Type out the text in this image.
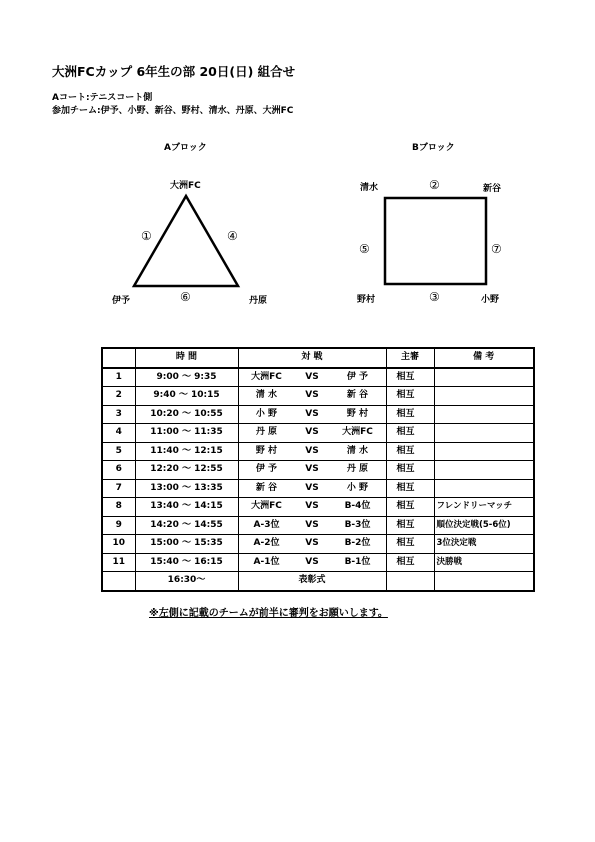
大洲FCカップ 6年生の部 20日(日) 組合せ
Aコート:テニスコート側
参加チーム:伊予、小野、新谷、野村、清水、丹原、大洲FC
Aブロック	Bブロック
大洲FC
伊予	丹原
①	④
⑥
清水	新谷
野村	小野
②
⑤	⑦
③
	時 間	対 戦	主審	備 考
1	9:00 ～ 9:35	大洲FC VS 伊 予	相互	
2	9:40 ～ 10:15	清 水 VS 新 谷	相互	
3	10:20 ～ 10:55	小 野 VS 野 村	相互	
4	11:00 ～ 11:35	丹 原 VS 大洲FC	相互	
5	11:40 ～ 12:15	野 村 VS 清 水	相互	
6	12:20 ～ 12:55	伊 予 VS 丹 原	相互	
7	13:00 ～ 13:35	新 谷 VS 小 野	相互	
8	13:40 ～ 14:15	大洲FC VS B-4位	相互	フレンドリーマッチ
9	14:20 ～ 14:55	A-3位 VS B-3位	相互	順位決定戦(5-6位)
10	15:00 ～ 15:35	A-2位 VS B-2位	相互	3位決定戦
11	15:40 ～ 16:15	A-1位 VS B-1位	相互	決勝戦
	16:30～	表彰式		
※左側に記載のチームが前半に審判をお願いします。
